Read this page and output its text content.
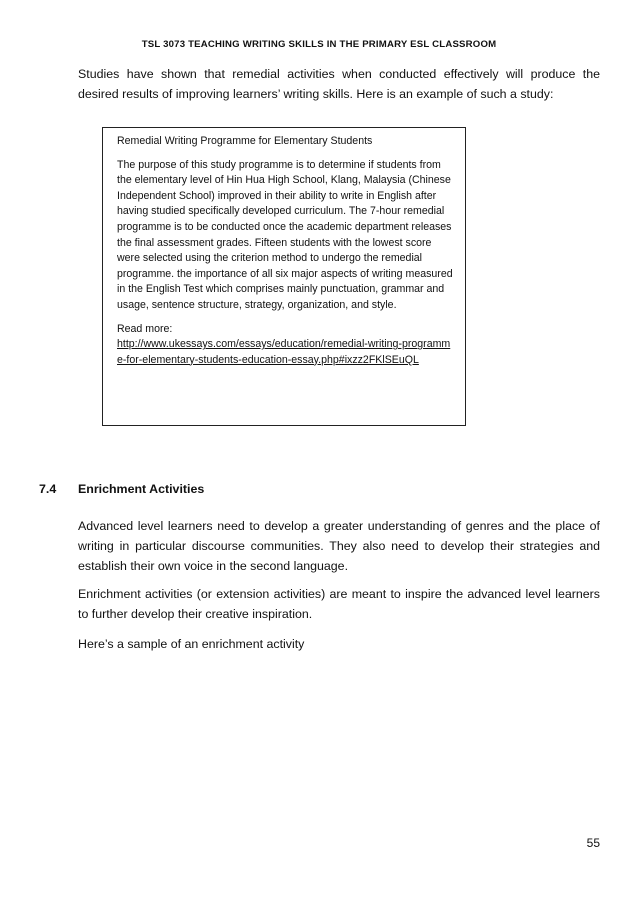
TSL 3073 TEACHING WRITING SKILLS IN THE PRIMARY ESL CLASSROOM
Studies have shown that remedial activities when conducted effectively will produce the desired results of improving learners’ writing skills. Here is an example of such a study:
Remedial Writing Programme for Elementary Students
The purpose of this study programme is to determine if students from the elementary level of Hin Hua High School, Klang, Malaysia (Chinese Independent School) improved in their ability to write in English after having studied specifically developed curriculum. The 7-hour remedial programme is to be conducted once the academic department releases the final assessment grades. Fifteen students with the lowest score were selected using the criterion method to undergo the remedial programme. the importance of all six major aspects of writing measured in the English Test which comprises mainly punctuation, grammar and usage, sentence structure, strategy, organization, and style.
Read more:
http://www.ukessays.com/essays/education/remedial-writing-programme-for-elementary-students-education-essay.php#ixzz2FKlSEuQL
7.4 Enrichment Activities
Advanced level learners need to develop a greater understanding of genres and the place of writing in particular discourse communities. They also need to develop their strategies and establish their own voice in the second language.
Enrichment activities (or extension activities) are meant to inspire the advanced level learners to further develop their creative inspiration.
Here’s a sample of an enrichment activity
55
